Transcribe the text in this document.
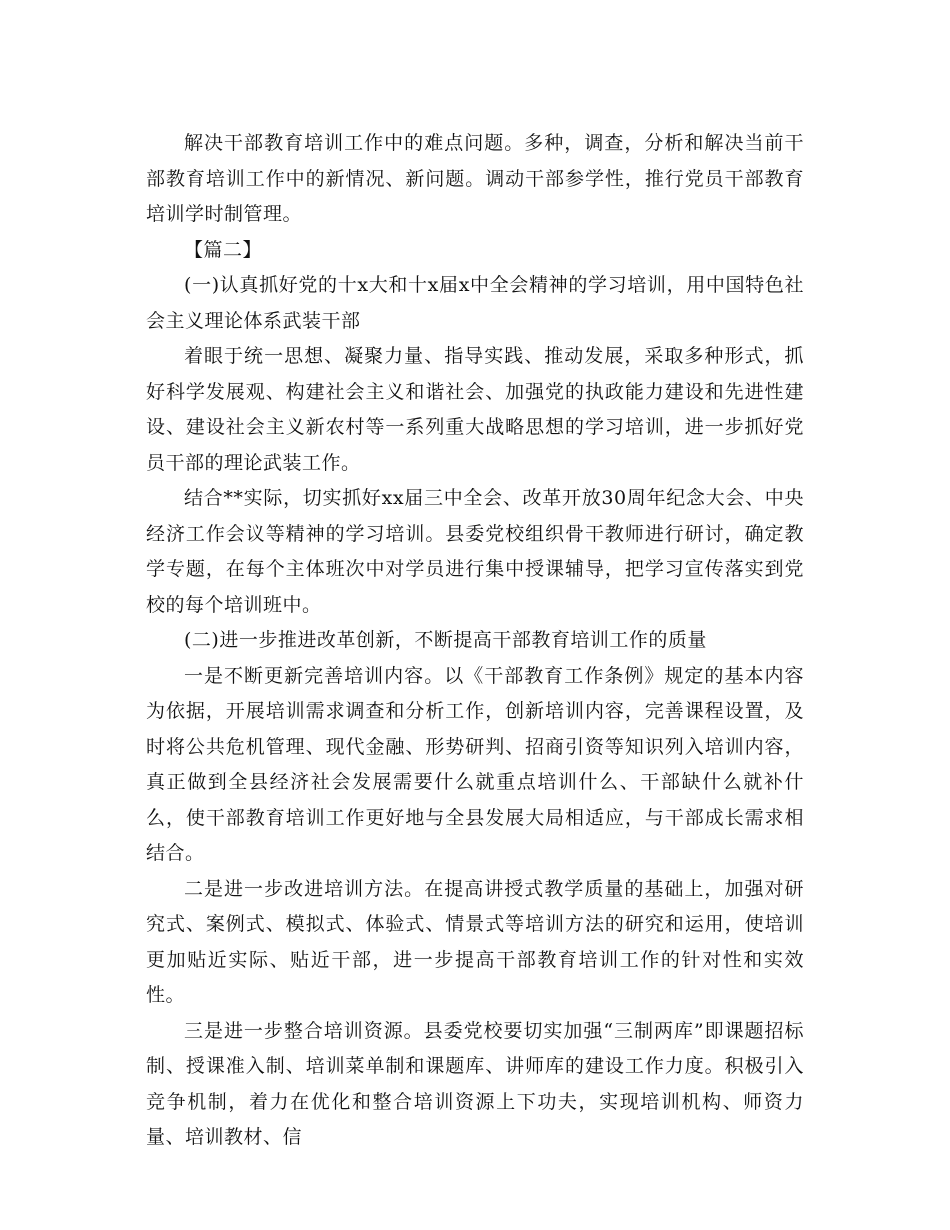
解决干部教育培训工作中的难点问题。多种，调查，分析和解决当前干部教育培训工作中的新情况、新问题。调动干部参学性，推行党员干部教育培训学时制管理。

【篇二】

(一)认真抓好党的十x大和十x届x中全会精神的学习培训，用中国特色社会主义理论体系武装干部

着眼于统一思想、凝聚力量、指导实践、推动发展，采取多种形式，抓好科学发展观、构建社会主义和谐社会、加强党的执政能力建设和先进性建设、建设社会主义新农村等一系列重大战略思想的学习培训，进一步抓好党员干部的理论武装工作。

结合**实际，切实抓好xx届三中全会、改革开放30周年纪念大会、中央经济工作会议等精神的学习培训。县委党校组织骨干教师进行研讨，确定教学专题，在每个主体班次中对学员进行集中授课辅导，把学习宣传落实到党校的每个培训班中。

(二)进一步推进改革创新，不断提高干部教育培训工作的质量

一是不断更新完善培训内容。以《干部教育工作条例》规定的基本内容为依据，开展培训需求调查和分析工作，创新培训内容，完善课程设置，及时将公共危机管理、现代金融、形势研判、招商引资等知识列入培训内容，真正做到全县经济社会发展需要什么就重点培训什么、干部缺什么就补什么，使干部教育培训工作更好地与全县发展大局相适应，与干部成长需求相结合。

二是进一步改进培训方法。在提高讲授式教学质量的基础上，加强对研究式、案例式、模拟式、体验式、情景式等培训方法的研究和运用，使培训更加贴近实际、贴近干部，进一步提高干部教育培训工作的针对性和实效性。

三是进一步整合培训资源。县委党校要切实加强“三制两库”即课题招标制、授课准入制、培训菜单制和课题库、讲师库的建设工作力度。积极引入竞争机制，着力在优化和整合培训资源上下功夫，实现培训机构、师资力量、培训教材、信
